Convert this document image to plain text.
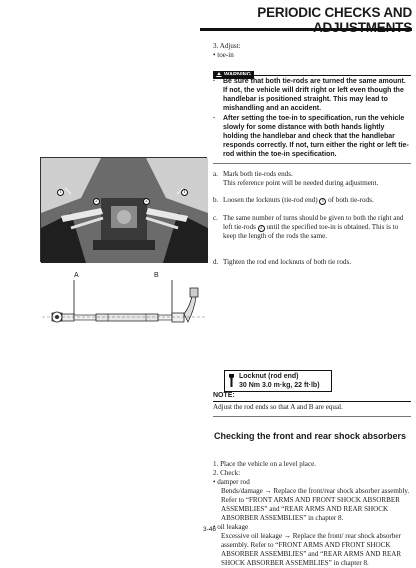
PERIODIC CHECKS AND
3. Adjust:
• toe-in
·	Be sure that both tie-rods are turned the same amount. If not, the vehicle will drift right or left even though the handlebar is positioned straight. This may lead to mishandling and an accident.
·	After setting the toe-in to specification, run the vehicle slowly for some distance with both hands lightly holding the handlebar and check that the handlebar responds correctly. If not, turn either the right or left tie-rod within the toe-in specification.
1
2	2
1
A	B
a. Mark both tie-rods ends.
This reference point will be needed during adjustment.
b. Loosen the locknuts (tie-rod end) 1 of both tie-rods.
c. The same number of turns should be given to both the right and left tie-rods 2 until the specified toe-in is obtained. This is to keep the length of the rods the same.
d. Tighten the rod end locknuts of both tie rods.
Locknut (rod end)
30 Nm 3.0 m·kg, 22 ft·lb)
NOTE:
Adjust the rod ends so that A and B are equal.
Checking the front and rear shock absorbers
1. Place the vehicle on a level place.
2. Check:
• damper rod
Bends/damage → Replace the front/rear shock absorber assembly.
Refer to “FRONT ARMS AND FRONT SHOCK ABSORBER ASSEMBLIES” and “REAR ARMS AND REAR SHOCK ABSORBER ASSEMBLIES” in chapter 8.
• oil leakage
Excessive oil leakage → Replace the front/ rear shock absorber assembly. Refer to “FRONT ARMS AND FRONT SHOCK ABSORBER ASSEMBLIES” and “REAR ARMS AND REAR SHOCK ABSORBER ASSEMBLIES” in chapter 8.
3-46
